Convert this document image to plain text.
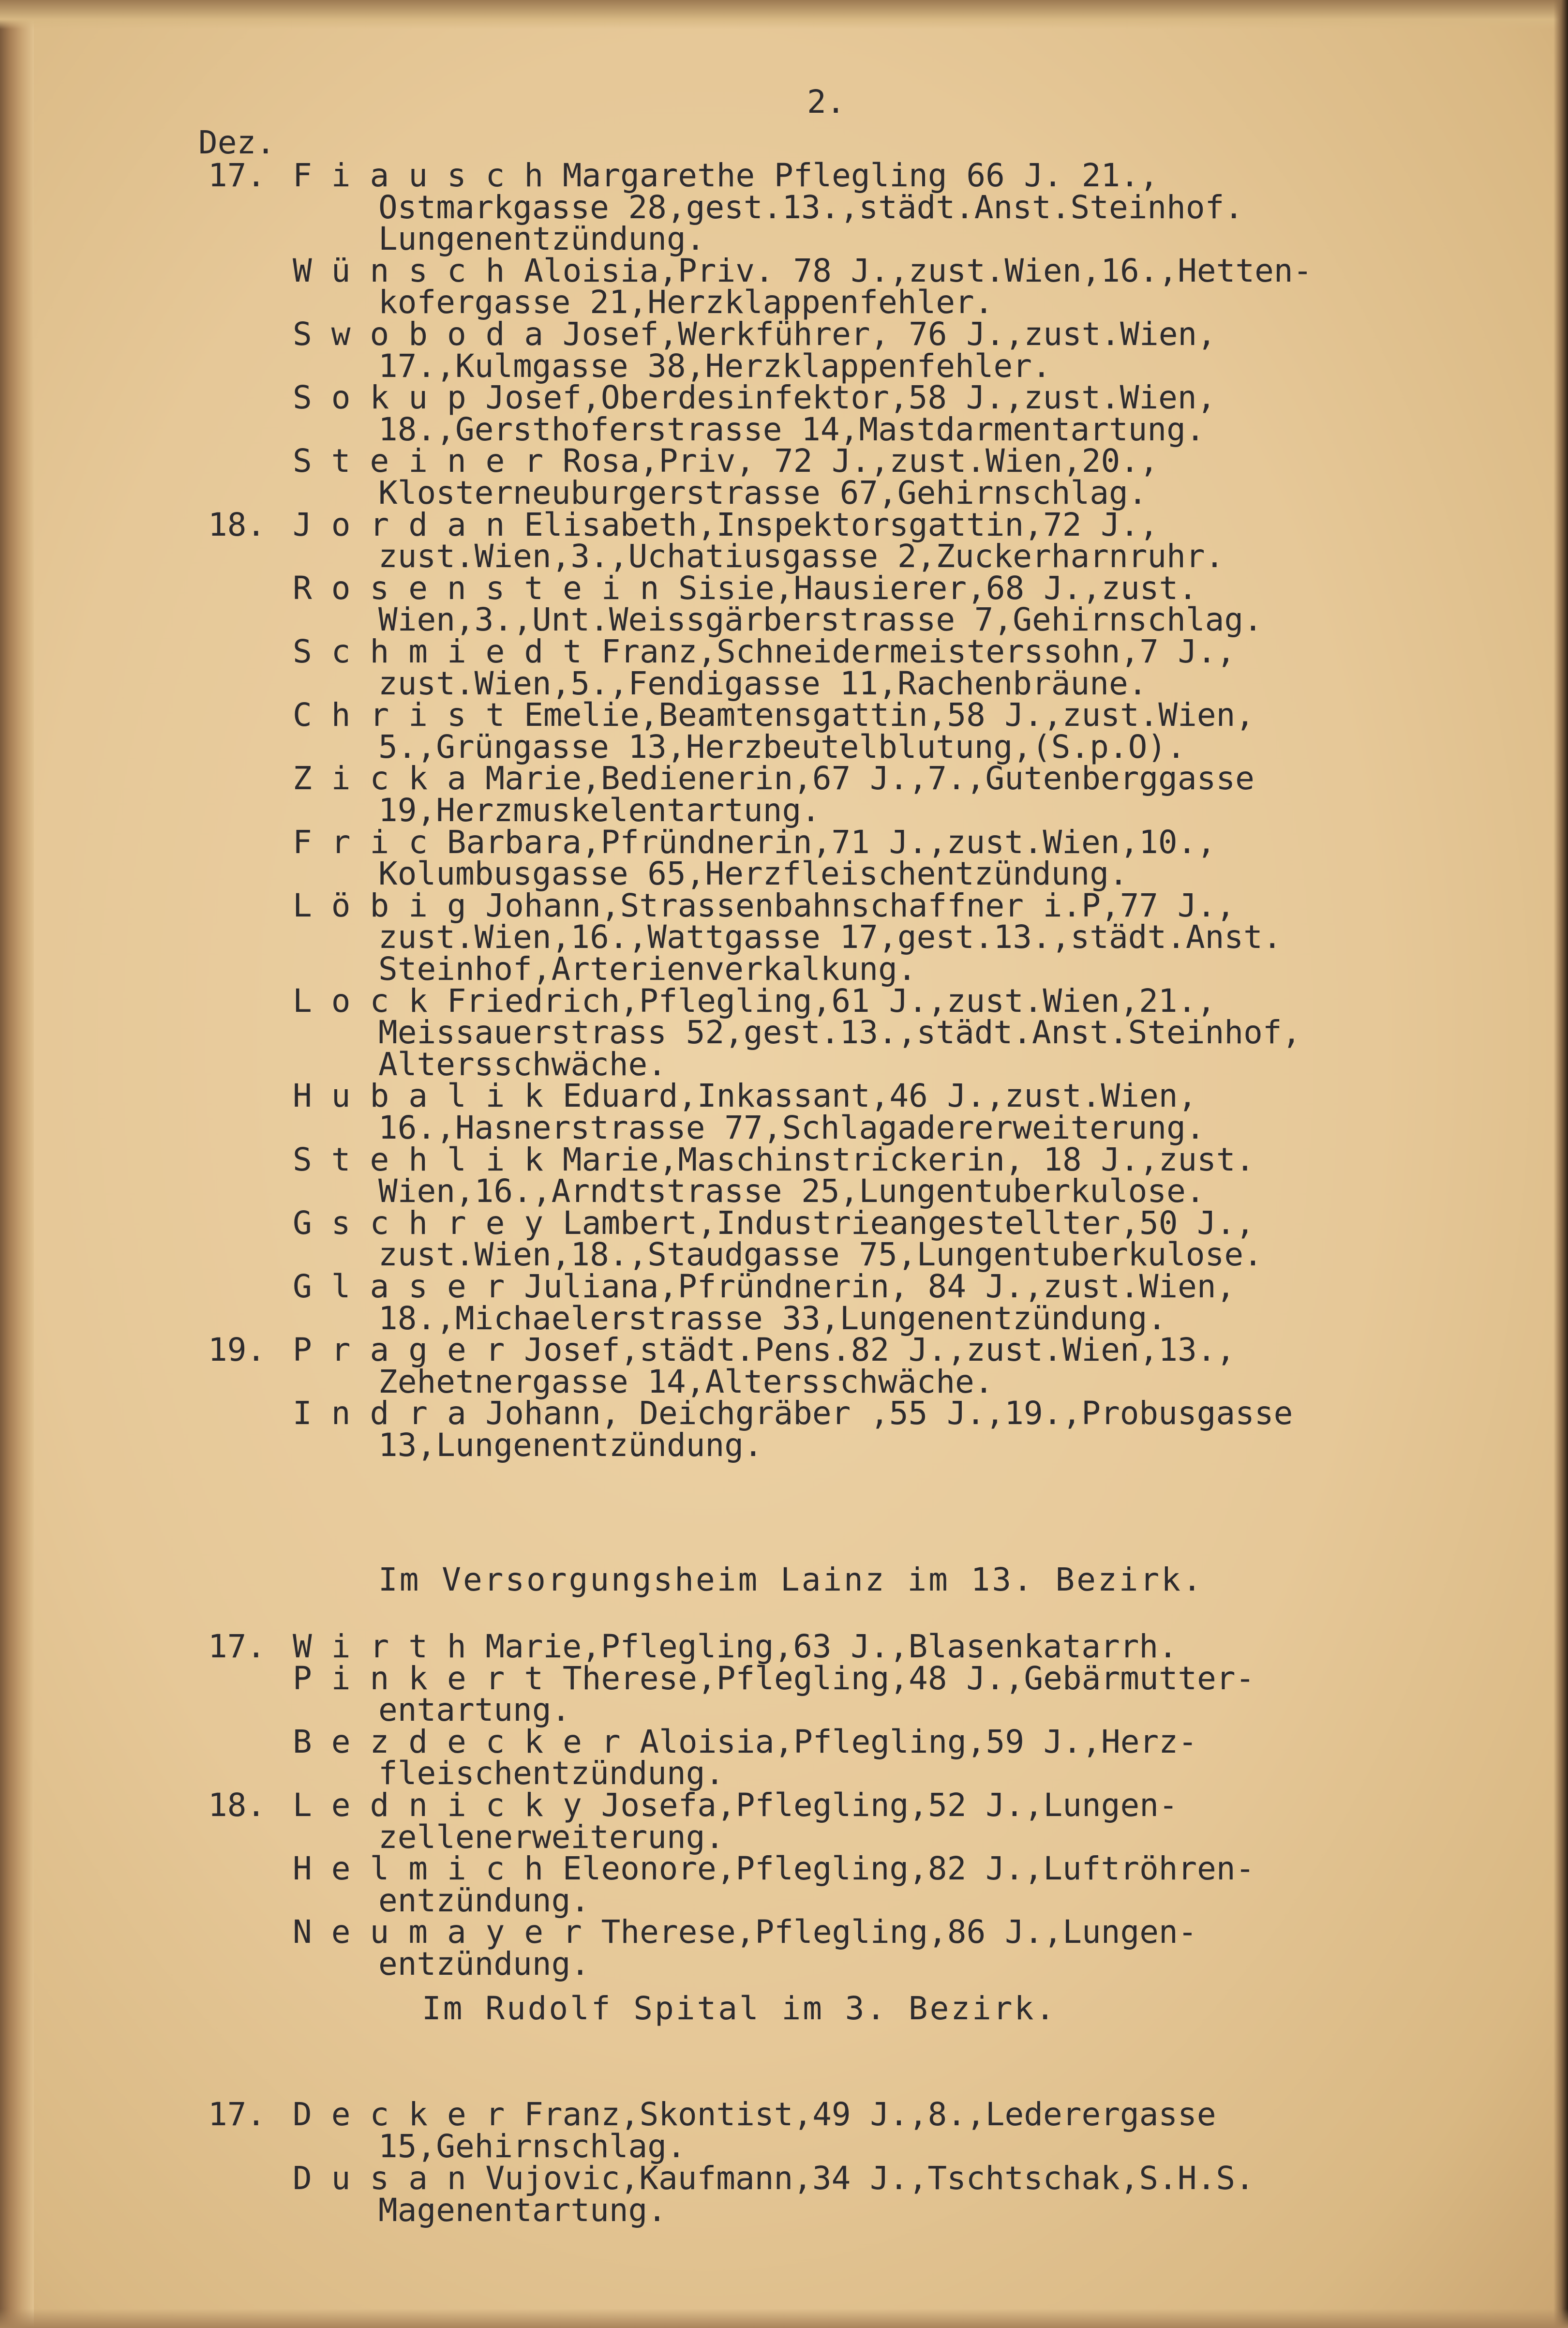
2.
Dez.
17. Fiausch
Margarethe Pflegling 66 J. 21.,
Ostmarkgasse 28,gest.13.,städt.Anst.Steinhof.
Lungenentzündung.
Wünsch
Aloisia,Priv. 78 J.,zust.Wien,16.,Hetten-
kofergasse 21,Herzklappenfehler.
Swoboda
Josef,Werkführer, 76 J.,zust.Wien,
17.,Kulmgasse 38,Herzklappenfehler.
Sokup
Josef,Oberdesinfektor,58 J.,zust.Wien,
18.,Gersthoferstrasse 14,Mastdarmentartung.
Steiner
Rosa,Priv, 72 J.,zust.Wien,20.,
Klosterneuburgerstrasse 67,Gehirnschlag.
18. Jordan
Elisabeth,Inspektorsgattin,72 J.,
zust.Wien,3.,Uchatiusgasse 2,Zuckerharnruhr.
Rosenstein
Sisie,Hausierer,68 J.,zust.
Wien,3.,Unt.Weissgärberstrasse 7,Gehirnschlag.
Schmiedt
Franz,Schneidermeisterssohn,7 J.,
zust.Wien,5.,Fendigasse 11,Rachenbräune.
Christ
Emelie,Beamtensgattin,58 J.,zust.Wien,
5.,Grüngasse 13,Herzbeutelblutung,(S.p.O).
Zicka
Marie,Bedienerin,67 J.,7.,Gutenberggasse
19,Herzmuskelentartung.
Fric
Barbara,Pfründnerin,71 J.,zust.Wien,10.,
Kolumbusgasse 65,Herzfleischentzündung.
Löbig
Johann,Strassenbahnschaffner i.P,77 J.,
zust.Wien,16.,Wattgasse 17,gest.13.,städt.Anst.
Steinhof,Arterienverkalkung.
Lock
Friedrich,Pflegling,61 J.,zust.Wien,21.,
Meissauerstrass 52,gest.13.,städt.Anst.Steinhof,
Altersschwäche.
Hubalik
Eduard,Inkassant,46 J.,zust.Wien,
16.,Hasnerstrasse 77,Schlagadererweiterung.
Stehlik
Marie,Maschinstrickerin, 18 J.,zust.
Wien,16.,Arndtstrasse 25,Lungentuberkulose.
Gschrey
Lambert,Industrieangestellter,50 J.,
zust.Wien,18.,Staudgasse 75,Lungentuberkulose.
Glaser
Juliana,Pfründnerin, 84 J.,zust.Wien,
18.,Michaelerstrasse 33,Lungenentzündung.
19. Prager
Josef,städt.Pens.82 J.,zust.Wien,13.,
Zehetnergasse 14,Altersschwäche.
Indra
Johann, Deichgräber ,55 J.,19.,Probusgasse
13,Lungenentzündung.
Im Versorgungsheim Lainz im 13. Bezirk.
17. Wirth
Marie,Pflegling,63 J.,Blasenkatarrh.
Pinkert
Therese,Pflegling,48 J.,Gebärmutter-
entartung.
Bezdecker
Aloisia,Pflegling,59 J.,Herz-
fleischentzündung.
18. Lednicky
Josefa,Pflegling,52 J.,Lungen-
zellenerweiterung.
Helmich
Eleonore,Pflegling,82 J.,Luftröhren-
entzündung.
Neumayer
Therese,Pflegling,86 J.,Lungen-
entzündung.
Im Rudolf Spital im 3. Bezirk.
17. Decker
Franz,Skontist,49 J.,8.,Lederergasse
15,Gehirnschlag.
Dusan
Vujovic,Kaufmann,34 J.,Tschtschak,S.H.S.
Magenentartung.
